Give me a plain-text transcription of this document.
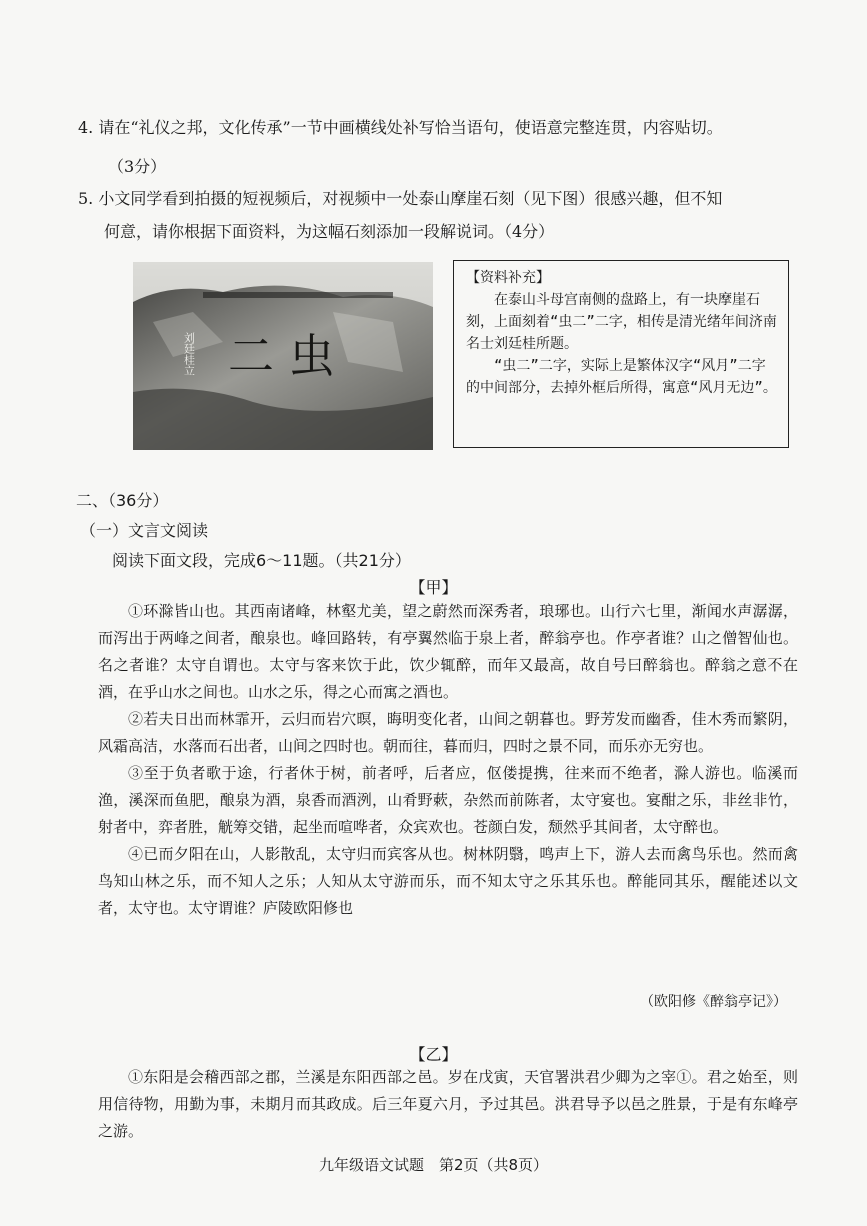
4. 请在“礼仪之邦，文化传承”一节中画横线处补写恰当语句，使语意完整连贯，内容贴切。
（3分）
5. 小文同学看到拍摄的短视频后，对视频中一处泰山摩崖石刻（见下图）很感兴趣，但不知
何意，请你根据下面资料，为这幅石刻添加一段解说词。（4分）
二 虫
刘廷桂立

【资料补充】

在泰山斗母宫南侧的盘路上，有一块摩崖石刻，上面刻着“虫二”二字，相传是清光绪年间济南名士刘廷桂所题。

“虫二”二字，实际上是繁体汉字“风月”二字的中间部分，去掉外框后所得，寓意“风月无边”。

二、（36分）
（一）文言文阅读
阅读下面文段，完成6～11题。（共21分）
【甲】

①环滁皆山也。其西南诸峰，林壑尤美，望之蔚然而深秀者，琅琊也。山行六七里，渐闻水声潺潺，而泻出于两峰之间者，酿泉也。峰回路转，有亭翼然临于泉上者，醉翁亭也。作亭者谁？山之僧智仙也。名之者谁？太守自谓也。太守与客来饮于此，饮少辄醉，而年又最高，故自号曰醉翁也。醉翁之意不在酒，在乎山水之间也。山水之乐，得之心而寓之酒也。

②若夫日出而林霏开，云归而岩穴暝，晦明变化者，山间之朝暮也。野芳发而幽香，佳木秀而繁阴，风霜高洁，水落而石出者，山间之四时也。朝而往，暮而归，四时之景不同，而乐亦无穷也。

③至于负者歌于途，行者休于树，前者呼，后者应，伛偻提携，往来而不绝者，滁人游也。临溪而渔，溪深而鱼肥，酿泉为酒，泉香而酒洌，山肴野蔌，杂然而前陈者，太守宴也。宴酣之乐，非丝非竹，射者中，弈者胜，觥筹交错，起坐而喧哗者，众宾欢也。苍颜白发，颓然乎其间者，太守醉也。

④已而夕阳在山，人影散乱，太守归而宾客从也。树林阴翳，鸣声上下，游人去而禽鸟乐也。然而禽鸟知山林之乐，而不知人之乐；人知从太守游而乐，而不知太守之乐其乐也。醉能同其乐，醒能述以文者，太守也。太守谓谁？庐陵欧阳修也

（欧阳修《醉翁亭记》）
【乙】

①东阳是会稽西部之郡，兰溪是东阳西部之邑。岁在戊寅，天官署洪君少卿为之宰①。君之始至，则用信待物，用勤为事，未期月而其政成。后三年夏六月，予过其邑。洪君导予以邑之胜景，于是有东峰亭之游。

九年级语文试题　第2页（共8页）
